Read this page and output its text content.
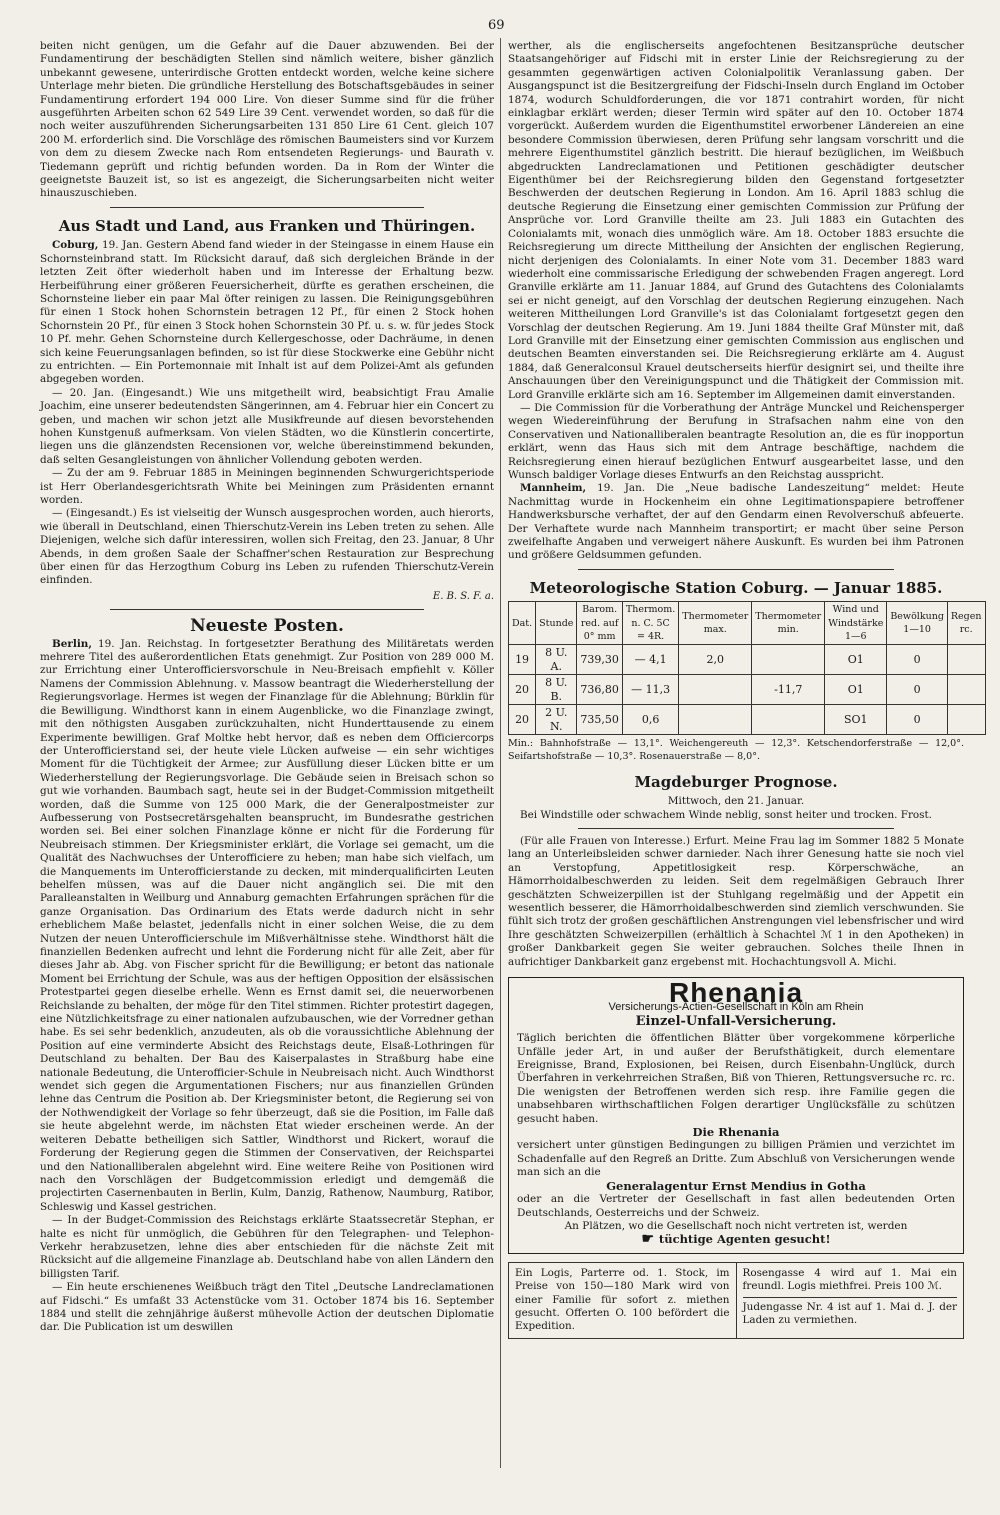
69

beiten nicht genügen, um die Gefahr auf die Dauer abzuwenden. Bei der Fundamentirung der beschädigten Stellen sind nämlich weitere, bisher gänzlich unbekannt gewesene, unterirdische Grotten entdeckt worden, welche keine sichere Unterlage mehr bieten. Die gründliche Herstellung des Botschaftsgebäudes in seiner Fundamentirung erfordert 194 000 Lire. Von dieser Summe sind für die früher ausgeführten Arbeiten schon 62 549 Lire 39 Cent. verwendet worden, so daß für die noch weiter auszuführenden Sicherungsarbeiten 131 850 Lire 61 Cent. gleich 107 200 M. erforderlich sind. Die Vorschläge des römischen Baumeisters sind vor Kurzem von dem zu diesem Zwecke nach Rom entsendeten Regierungs- und Baurath v. Tiedemann geprüft und richtig befunden worden. Da in Rom der Winter die geeignetste Bauzeit ist, so ist es angezeigt, die Sicherungsarbeiten nicht weiter hinauszuschieben.

Aus Stadt und Land, aus Franken und Thüringen.

Coburg, 19. Jan. Gestern Abend fand wieder in der Steingasse in einem Hause ein Schornsteinbrand statt. Im Rücksicht darauf, daß sich dergleichen Brände in der letzten Zeit öfter wiederholt haben und im Interesse der Erhaltung bezw. Herbeiführung einer größeren Feuersicherheit, dürfte es gerathen erscheinen, die Schornsteine lieber ein paar Mal öfter reinigen zu lassen. Die Reinigungsgebühren für einen 1 Stock hohen Schornstein betragen 12 Pf., für einen 2 Stock hohen Schornstein 20 Pf., für einen 3 Stock hohen Schornstein 30 Pf. u. s. w. für jedes Stock 10 Pf. mehr. Gehen Schornsteine durch Kellergeschosse, oder Dachräume, in denen sich keine Feuerungsanlagen befinden, so ist für diese Stockwerke eine Gebühr nicht zu entrichten. — Ein Portemonnaie mit Inhalt ist auf dem Polizei-Amt als gefunden abgegeben worden.

— 20. Jan. (Eingesandt.) Wie uns mitgetheilt wird, beabsichtigt Frau Amalie Joachim, eine unserer bedeutendsten Sängerinnen, am 4. Februar hier ein Concert zu geben, und machen wir schon jetzt alle Musikfreunde auf diesen bevorstehenden hohen Kunstgenuß aufmerksam. Von vielen Städten, wo die Künstlerin concertirte, liegen uns die glänzendsten Recensionen vor, welche übereinstimmend bekunden, daß selten Gesangleistungen von ähnlicher Vollendung geboten werden.

— Zu der am 9. Februar 1885 in Meiningen beginnenden Schwurgerichtsperiode ist Herr Oberlandesgerichtsrath White bei Meiningen zum Präsidenten ernannt worden.

— (Eingesandt.) Es ist vielseitig der Wunsch ausgesprochen worden, auch hierorts, wie überall in Deutschland, einen Thierschutz-Verein ins Leben treten zu sehen. Alle Diejenigen, welche sich dafür interessiren, wollen sich Freitag, den 23. Januar, 8 Uhr Abends, in dem großen Saale der Schaffner'schen Restauration zur Besprechung über einen für das Herzogthum Coburg ins Leben zu rufenden Thierschutz-Verein einfinden.

E. B. S. F. a.
Neueste Posten.

Berlin, 19. Jan. Reichstag. In fortgesetzter Berathung des Militäretats werden mehrere Titel des außerordentlichen Etats genehmigt. Zur Position von 289 000 M. zur Errichtung einer Unterofficiersvorschule in Neu-Breisach empfiehlt v. Köller Namens der Commission Ablehnung. v. Massow beantragt die Wiederherstellung der Regierungsvorlage. Hermes ist wegen der Finanzlage für die Ablehnung; Bürklin für die Bewilligung. Windthorst kann in einem Augenblicke, wo die Finanzlage zwingt, mit den nöthigsten Ausgaben zurückzuhalten, nicht Hunderttausende zu einem Experimente bewilligen. Graf Moltke hebt hervor, daß es neben dem Officiercorps der Unterofficierstand sei, der heute viele Lücken aufweise — ein sehr wichtiges Moment für die Tüchtigkeit der Armee; zur Ausfüllung dieser Lücken bitte er um Wiederherstellung der Regierungsvorlage. Die Gebäude seien in Breisach schon so gut wie vorhanden. Baumbach sagt, heute sei in der Budget-Commission mitgetheilt worden, daß die Summe von 125 000 Mark, die der Generalpostmeister zur Aufbesserung von Postsecretärsgehalten beansprucht, im Bundesrathe gestrichen worden sei. Bei einer solchen Finanzlage könne er nicht für die Forderung für Neubreisach stimmen. Der Kriegsminister erklärt, die Vorlage sei gemacht, um die Qualität des Nachwuchses der Unterofficiere zu heben; man habe sich vielfach, um die Manquements im Unterofficierstande zu decken, mit minderqualificirten Leuten behelfen müssen, was auf die Dauer nicht angänglich sei. Die mit den Paralleanstalten in Weilburg und Annaburg gemachten Erfahrungen sprächen für die ganze Organisation. Das Ordinarium des Etats werde dadurch nicht in sehr erheblichem Maße belastet, jedenfalls nicht in einer solchen Weise, die zu dem Nutzen der neuen Unterofficierschule im Mißverhältnisse stehe. Windthorst hält die finanziellen Bedenken aufrecht und lehnt die Forderung nicht für alle Zeit, aber für dieses Jahr ab. Abg. von Fischer spricht für die Bewilligung; er betont das nationale Moment bei Errichtung der Schule, was aus der heftigen Opposition der elsässischen Protestpartei gegen dieselbe erhelle. Wenn es Ernst damit sei, die neuerworbenen Reichslande zu behalten, der möge für den Titel stimmen. Richter protestirt dagegen, eine Nützlichkeitsfrage zu einer nationalen aufzubauschen, wie der Vorredner gethan habe. Es sei sehr bedenklich, anzudeuten, als ob die voraussichtliche Ablehnung der Position auf eine verminderte Absicht des Reichstags deute, Elsaß-Lothringen für Deutschland zu behalten. Der Bau des Kaiserpalastes in Straßburg habe eine nationale Bedeutung, die Unterofficier-Schule in Neubreisach nicht. Auch Windthorst wendet sich gegen die Argumentationen Fischers; nur aus finanziellen Gründen lehne das Centrum die Position ab. Der Kriegsminister betont, die Regierung sei von der Nothwendigkeit der Vorlage so fehr überzeugt, daß sie die Position, im Falle daß sie heute abgelehnt werde, im nächsten Etat wieder erscheinen werde. An der weiteren Debatte betheiligen sich Sattler, Windthorst und Rickert, worauf die Forderung der Regierung gegen die Stimmen der Conservativen, der Reichspartei und den Nationalliberalen abgelehnt wird. Eine weitere Reihe von Positionen wird nach den Vorschlägen der Budgetcommission erledigt und demgemäß die projectirten Casernenbauten in Berlin, Kulm, Danzig, Rathenow, Naumburg, Ratibor, Schleswig und Kassel gestrichen.

— In der Budget-Commission des Reichstags erklärte Staatssecretär Stephan, er halte es nicht für unmöglich, die Gebühren für den Telegraphen- und Telephon-Verkehr herabzusetzen, lehne dies aber entschieden für die nächste Zeit mit Rücksicht auf die allgemeine Finanzlage ab. Deutschland habe von allen Ländern den billigsten Tarif.

— Ein heute erschienenes Weißbuch trägt den Titel „Deutsche Landreclamationen auf Fidschi.“ Es umfaßt 33 Actenstücke vom 31. October 1874 bis 16. September 1884 und stellt die zehnjährige äußerst mühevolle Action der deutschen Diplomatie dar. Die Publication ist um deswillen

werther, als die englischerseits angefochtenen Besitzansprüche deutscher Staatsangehöriger auf Fidschi mit in erster Linie der Reichsregierung zu der gesammten gegenwärtigen activen Colonialpolitik Veranlassung gaben. Der Ausgangspunct ist die Besitzergreifung der Fidschi-Inseln durch England im October 1874, wodurch Schuldforderungen, die vor 1871 contrahirt worden, für nicht einklagbar erklärt werden; dieser Termin wird später auf den 10. October 1874 vorgerückt. Außerdem wurden die Eigenthumstitel erworbener Ländereien an eine besondere Commission überwiesen, deren Prüfung sehr langsam vorschritt und die mehrere Eigenthumstitel gänzlich bestritt. Die hierauf bezüglichen, im Weißbuch abgedruckten Landreclamationen und Petitionen geschädigter deutscher Eigenthümer bei der Reichsregierung bilden den Gegenstand fortgesetzter Beschwerden der deutschen Regierung in London. Am 16. April 1883 schlug die deutsche Regierung die Einsetzung einer gemischten Commission zur Prüfung der Ansprüche vor. Lord Granville theilte am 23. Juli 1883 ein Gutachten des Colonialamts mit, wonach dies unmöglich wäre. Am 18. October 1883 ersuchte die Reichsregierung um directe Mittheilung der Ansichten der englischen Regierung, nicht derjenigen des Colonialamts. In einer Note vom 31. December 1883 ward wiederholt eine commissarische Erledigung der schwebenden Fragen angeregt. Lord Granville erklärte am 11. Januar 1884, auf Grund des Gutachtens des Colonialamts sei er nicht geneigt, auf den Vorschlag der deutschen Regierung einzugehen. Nach weiteren Mittheilungen Lord Granville's ist das Colonialamt fortgesetzt gegen den Vorschlag der deutschen Regierung. Am 19. Juni 1884 theilte Graf Münster mit, daß Lord Granville mit der Einsetzung einer gemischten Commission aus englischen und deutschen Beamten einverstanden sei. Die Reichsregierung erklärte am 4. August 1884, daß Generalconsul Krauel deutscherseits hierfür designirt sei, und theilte ihre Anschauungen über den Vereinigungspunct und die Thätigkeit der Commission mit. Lord Granville erklärte sich am 16. September im Allgemeinen damit einverstanden.

— Die Commission für die Vorberathung der Anträge Munckel und Reichensperger wegen Wiedereinführung der Berufung in Strafsachen nahm eine von den Conservativen und Nationalliberalen beantragte Resolution an, die es für inopportun erklärt, wenn das Haus sich mit dem Antrage beschäftige, nachdem die Reichsregierung einen hierauf bezüglichen Entwurf ausgearbeitet lasse, und den Wunsch baldiger Vorlage dieses Entwurfs an den Reichstag ausspricht.

Mannheim, 19. Jan. Die „Neue badische Landeszeitung“ meldet: Heute Nachmittag wurde in Hockenheim ein ohne Legitimationspapiere betroffener Handwerksbursche verhaftet, der auf den Gendarm einen Revolverschuß abfeuerte. Der Verhaftete wurde nach Mannheim transportirt; er macht über seine Person zweifelhafte Angaben und verweigert nähere Auskunft. Es wurden bei ihm Patronen und größere Geldsummen gefunden.

Meteorologische Station Coburg. — Januar 1885.
Dat.	Stunde	Barom. red. auf 0° mm	Thermom. n. C. 5C = 4R.	Thermometer max.	Thermometer min.	Wind und Windstärke 1—6	Bewölkung 1—10	Regen rc.
19	8 U. A.	739,30	— 4,1	2,0		O1	0	
20	8 U. B.	736,80	— 11,3		-11,7	O1	0	
20	2 U. N.	735,50	0,6			SO1	0	

Min.: Bahnhofstraße — 13,1°. Weichengereuth — 12,3°. Ketschendorferstraße — 12,0°. Seifartshofstraße — 10,3°. Rosenauerstraße — 8,0°.

Magdeburger Prognose.
Mittwoch, den 21. Januar.

Bei Windstille oder schwachem Winde neblig, sonst heiter und trocken. Frost.

(Für alle Frauen von Interesse.) Erfurt. Meine Frau lag im Sommer 1882 5 Monate lang an Unterleibsleiden schwer darnieder. Nach ihrer Genesung hatte sie noch viel an Verstopfung, Appetitlosigkeit resp. Körperschwäche, an Hämorrhoidalbeschwerden zu leiden. Seit dem regelmäßigen Gebrauch Ihrer geschätzten Schweizerpillen ist der Stuhlgang regelmäßig und der Appetit ein wesentlich besserer, die Hämorrhoidalbeschwerden sind ziemlich verschwunden. Sie fühlt sich trotz der großen geschäftlichen Anstrengungen viel lebensfrischer und wird Ihre geschätzten Schweizerpillen (erhältlich à Schachtel ℳ 1 in den Apotheken) in großer Dankbarkeit gegen Sie weiter gebrauchen. Solches theile Ihnen in aufrichtiger Dankbarkeit ganz ergebenst mit. Hochachtungsvoll A. Michi.

Rhenania
Versicherungs-Actien-Gesellschaft in Köln am Rhein
Einzel-Unfall-Versicherung.
Täglich berichten die öffentlichen Blätter über vorgekommene körperliche Unfälle jeder Art, in und außer der Berufsthätigkeit, durch elementare Ereignisse, Brand, Explosionen, bei Reisen, durch Eisenbahn-Unglück, durch Überfahren in verkehrreichen Straßen, Biß von Thieren, Rettungsversuche rc. rc. Die wenigsten der Betroffenen werden sich resp. ihre Familie gegen die unabsehbaren wirthschaftlichen Folgen derartiger Unglücksfälle zu schützen gesucht haben.
Die Rhenania
versichert unter günstigen Bedingungen zu billigen Prämien und verzichtet im Schadenfalle auf den Regreß an Dritte. Zum Abschluß von Versicherungen wende man sich an die
Generalagentur Ernst Mendius in Gotha
oder an die Vertreter der Gesellschaft in fast allen bedeutenden Orten Deutschlands, Oesterreichs und der Schweiz.
An Plätzen, wo die Gesellschaft noch nicht vertreten ist, werden
☛ tüchtige Agenten gesucht!
Ein Logis, Parterre od. 1. Stock, im Preise von 150—180 Mark wird von einer Familie für sofort z. miethen gesucht. Offerten O. 100 befördert die Expedition.
Rosengasse 4 wird auf 1. Mai ein freundl. Logis miethfrei. Preis 100 ℳ.
Judengasse Nr. 4 ist auf 1. Mai d. J. der Laden zu vermiethen.
